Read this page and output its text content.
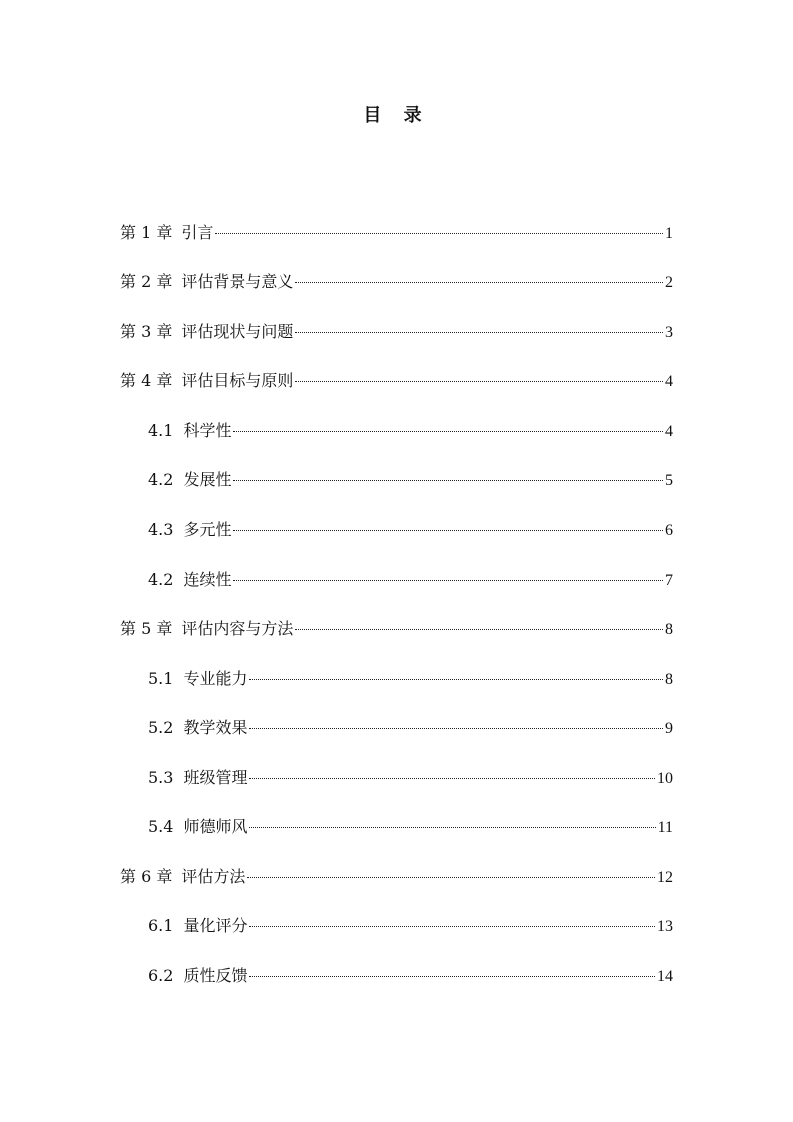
目 录
第 1 章 引言	1
第 2 章 评估背景与意义	2
第 3 章 评估现状与问题	3
第 4 章 评估目标与原则	4
4.1 科学性	4
4.2 发展性	5
4.3 多元性	6
4.2 连续性	7
第 5 章 评估内容与方法	8
5.1 专业能力	8
5.2 教学效果	9
5.3 班级管理	10
5.4 师德师风	11
第 6 章 评估方法	12
6.1 量化评分	13
6.2 质性反馈	14
